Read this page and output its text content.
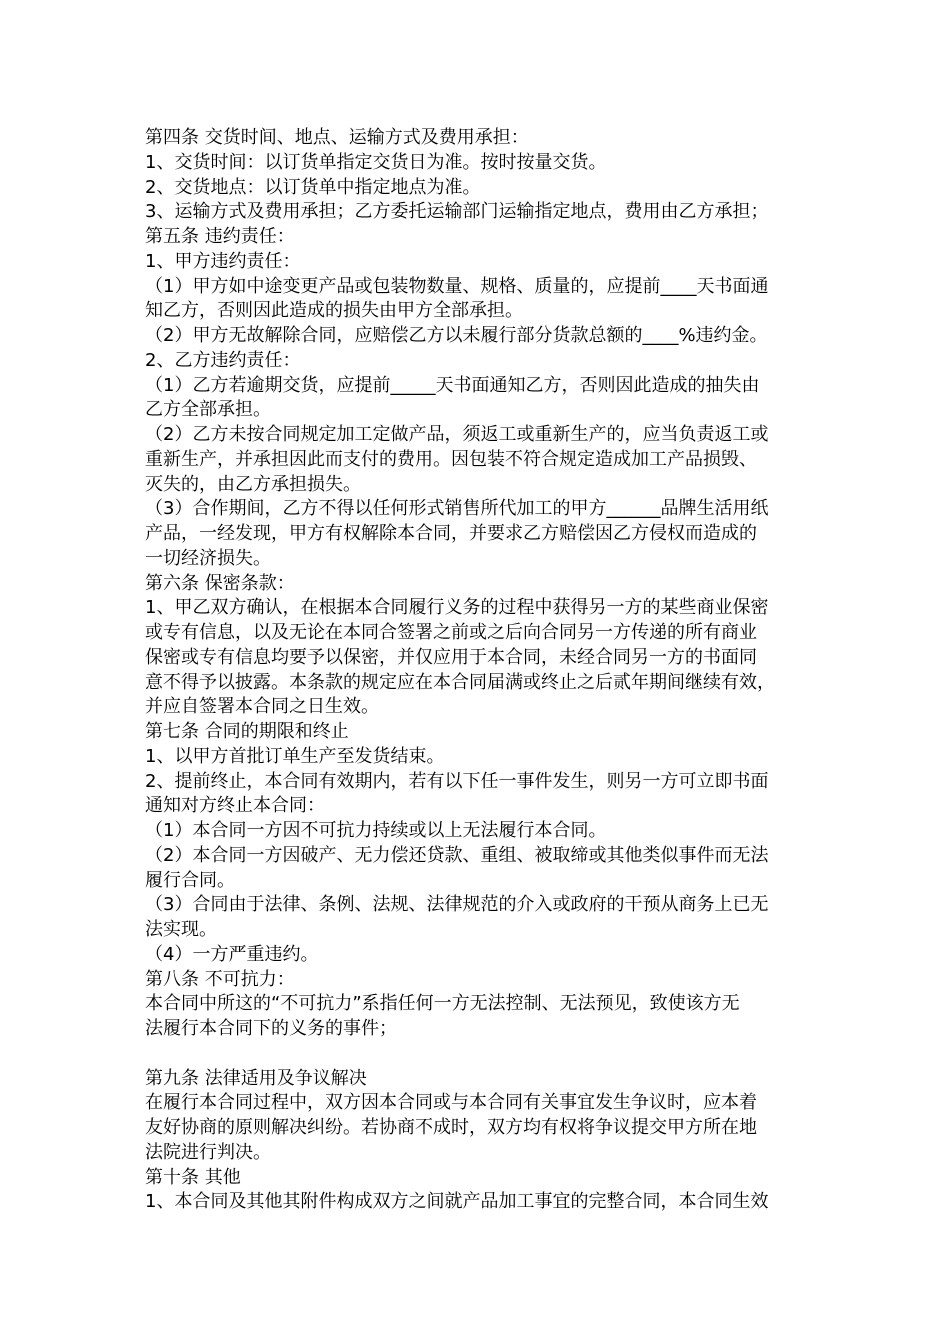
第四条 交货时间、地点、运输方式及费用承担：
1、交货时间：以订货单指定交货日为准。按时按量交货。
2、交货地点：以订货单中指定地点为准。
3、运输方式及费用承担；乙方委托运输部门运输指定地点，费用由乙方承担；
第五条 违约责任：
1、甲方违约责任：
（1）甲方如中途变更产品或包装物数量、规格、质量的，应提前____天书面通
知乙方，否则因此造成的损失由甲方全部承担。
（2）甲方无故解除合同，应赔偿乙方以未履行部分货款总额的____%违约金。
2、乙方违约责任：
（1）乙方若逾期交货，应提前_____天书面通知乙方，否则因此造成的抽失由
乙方全部承担。
（2）乙方未按合同规定加工定做产品，须返工或重新生产的，应当负责返工或
重新生产，并承担因此而支付的费用。因包装不符合规定造成加工产品损毁、
灭失的，由乙方承担损失。
（3）合作期间，乙方不得以任何形式销售所代加工的甲方______品牌生活用纸
产品，一经发现，甲方有权解除本合同，并要求乙方赔偿因乙方侵权而造成的
一切经济损失。
第六条 保密条款：
1、甲乙双方确认，在根据本合同履行义务的过程中获得另一方的某些商业保密
或专有信息，以及无论在本同合签署之前或之后向合同另一方传递的所有商业
保密或专有信息均要予以保密，并仅应用于本合同，未经合同另一方的书面同
意不得予以披露。本条款的规定应在本合同届满或终止之后贰年期间继续有效，
并应自签署本合同之日生效。
第七条 合同的期限和终止
1、以甲方首批订单生产至发货结束。
2、提前终止，本合同有效期内，若有以下任一事件发生，则另一方可立即书面
通知对方终止本合同：
（1）本合同一方因不可抗力持续或以上无法履行本合同。
（2）本合同一方因破产、无力偿还贷款、重组、被取缔或其他类似事件而无法
履行合同。
（3）合同由于法律、条例、法规、法律规范的介入或政府的干预从商务上已无
法实现。
（4）一方严重违约。
第八条 不可抗力：
本合同中所这的“不可抗力”系指任何一方无法控制、无法预见，致使该方无
法履行本合同下的义务的事件；
第九条 法律适用及争议解决
在履行本合同过程中，双方因本合同或与本合同有关事宜发生争议时，应本着
友好协商的原则解决纠纷。若协商不成时，双方均有权将争议提交甲方所在地
法院进行判决。
第十条 其他
1、本合同及其他其附件构成双方之间就产品加工事宜的完整合同，本合同生效
